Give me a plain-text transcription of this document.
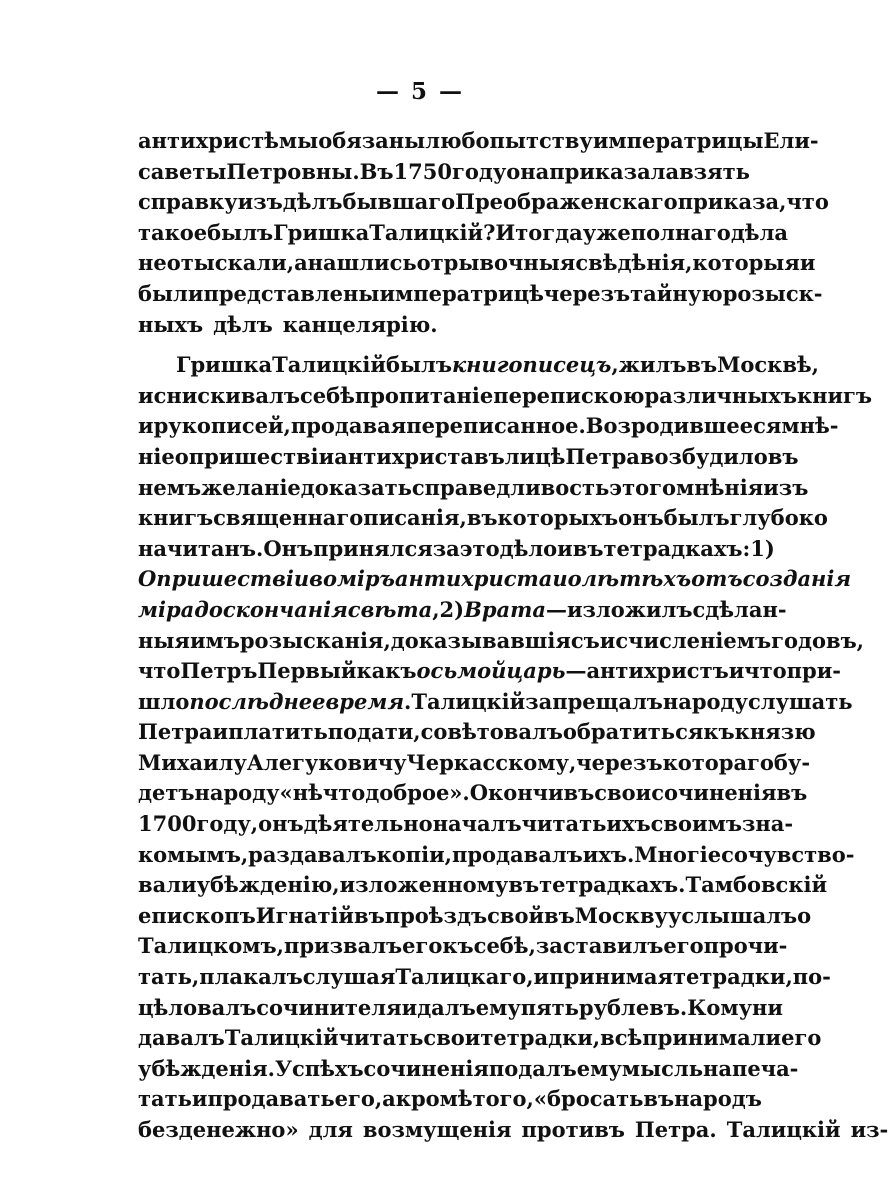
— 5 —
антихристѣ мы обязаны любопытству императрицы Ели-
саветы Петровны. Въ 1750 году она приказала взять
справку изъ дѣлъ бывшаго Преображенскаго приказа, что
такое былъ Гришка Талицкій? И тогда уже полнаго дѣла
не отыскали, а нашлись отрывочныя свѣдѣнія, которыя и
были представлены императрицѣ черезъ тайную розыск-
ныхъ дѣлъ канцелярію.
Гришка Талицкій былъ книгописецъ , жилъ въ Москвѣ,
и снискивалъ себѣ пропитаніе перепискою различныхъ книгъ
и рукописей, продавая переписанное. Возродившееся мнѣ-
ніе о пришествіи антихриста въ лицѣ Петра возбудило въ
немъ желаніе доказать справедливость этого мнѣнія изъ
книгъ священнаго писанія, въ которыхъ онъ былъ глубоко
начитанъ. Онъ принялся за это дѣло и въ тетрадкахъ: 1)
О пришествіи во міръ антихриста и о лѣтѣхъ отъ созданія
міра до скончанія свѣта , 2) Врата —изложилъ сдѣлан-
ныя имъ розысканія, доказывавшія съ исчисленіемъ годовъ,
что Петръ Первый какъ осьмой царь —антихристъ и что при-
шло послѣднее время . Талицкій запрещалъ народу слушать
Петра и платить подати, совѣтовалъ обратиться къ князю
Михаилу Алегуковичу Черкасскому, черезъ котораго бу-
детъ народу «нѣчто доброе». Окончивъ свои сочиненія въ
1700 году, онъ дѣятельно началъ читать ихъ своимъ зна-
комымъ, раздавалъ копіи, продавалъ ихъ. Многіе сочувство-
вали убѣжденію, изложенному въ тетрадкахъ. Тамбовскій
епископъ Игнатій въ проѣздъ свой въ Москву услышалъ о
Талицкомъ, призвалъ его къ себѣ, заставилъ его прочи-
тать, плакалъ слушая Талицкаго, и принимая тетрадки, по-
цѣловалъ сочинителя и далъ ему пять рублевъ. Кому ни
давалъ Талицкій читать свои тетрадки, всѣ принимали его
убѣжденія. Успѣхъ сочиненія подалъ ему мысль напеча-
тать и продавать его, а кромѣ того, «бросать въ народъ
безденежно» для возмущенія противъ Петра. Талицкій из-
